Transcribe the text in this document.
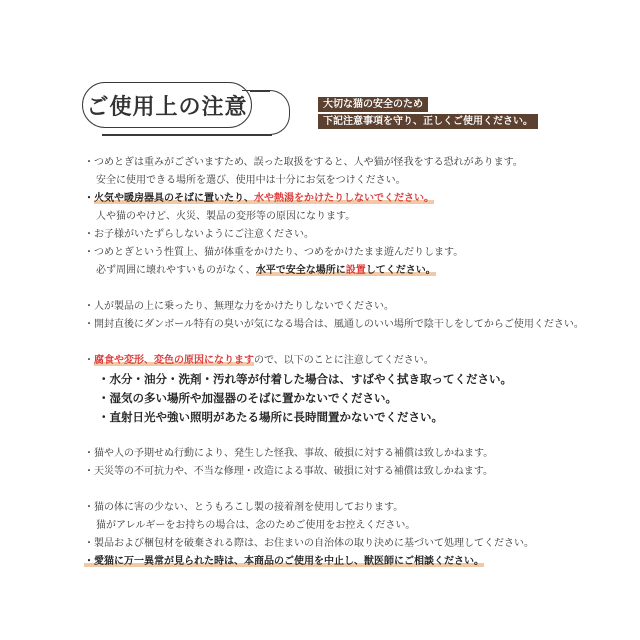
ご使用上の注意	大切な猫の安全のため
下記注意事項を守り、正しくご使用ください。
・つめとぎは重みがございますため、誤った取扱をすると、人や猫が怪我をする恐れがあります。
安全に使用できる場所を選び、使用中は十分にお気をつけください。
・火気や暖房器具のそばに置いたり、水や熱湯をかけたりしないでください。
人や猫のやけど、火災、製品の変形等の原因になります。
・お子様がいたずらしないようにご注意ください。
・つめとぎという性質上、猫が体重をかけたり、つめをかけたまま遊んだりします。
必ず周囲に壊れやすいものがなく、水平で安全な場所に設置してください。
・人が製品の上に乗ったり、無理な力をかけたりしないでください。
・開封直後にダンボール特有の臭いが気になる場合は、風通しのいい場所で陰干しをしてからご使用ください。
・腐食や変形、変色の原因になりますので、以下のことに注意してください。
・水分・油分・洗剤・汚れ等が付着した場合は、すばやく拭き取ってください。
・湿気の多い場所や加湿器のそばに置かないでください。
・直射日光や強い照明があたる場所に長時間置かないでください。
・猫や人の予期せぬ行動により、発生した怪我、事故、破損に対する補償は致しかねます。
・天災等の不可抗力や、不当な修理・改造による事故、破損に対する補償は致しかねます。
・猫の体に害の少ない、とうもろこし製の接着剤を使用しております。
猫がアレルギーをお持ちの場合は、念のためご使用をお控えください。
・製品および梱包材を破棄される際は、お住まいの自治体の取り決めに基づいて処理してください。
・愛猫に万一異常が見られた時は、本商品のご使用を中止し、獣医師にご相談ください。
